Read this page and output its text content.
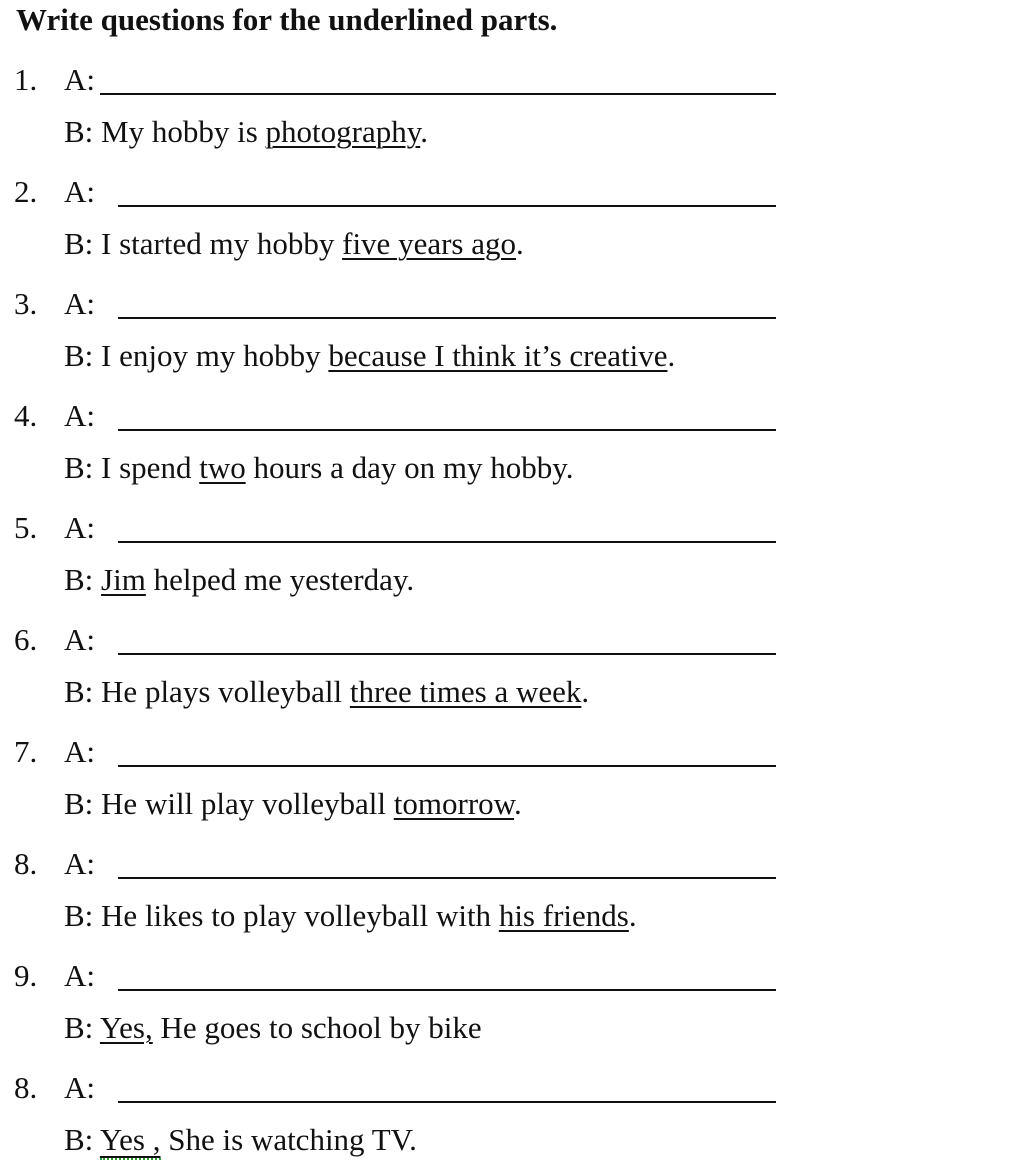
Write questions for the underlined parts.
1. A:
B: My hobby is photography.
2. A:
B: I started my hobby five years ago.
3. A:
B: I enjoy my hobby because I think it’s creative.
4. A:
B: I spend two hours a day on my hobby.
5. A:
B: Jim helped me yesterday.
6. A:
B: He plays volleyball three times a week.
7. A:
B: He will play volleyball tomorrow.
8. A:
B: He likes to play volleyball with his friends.
9. A:
B: Yes, He goes to school by bike
8. A:
B: Yes , She is watching TV.
